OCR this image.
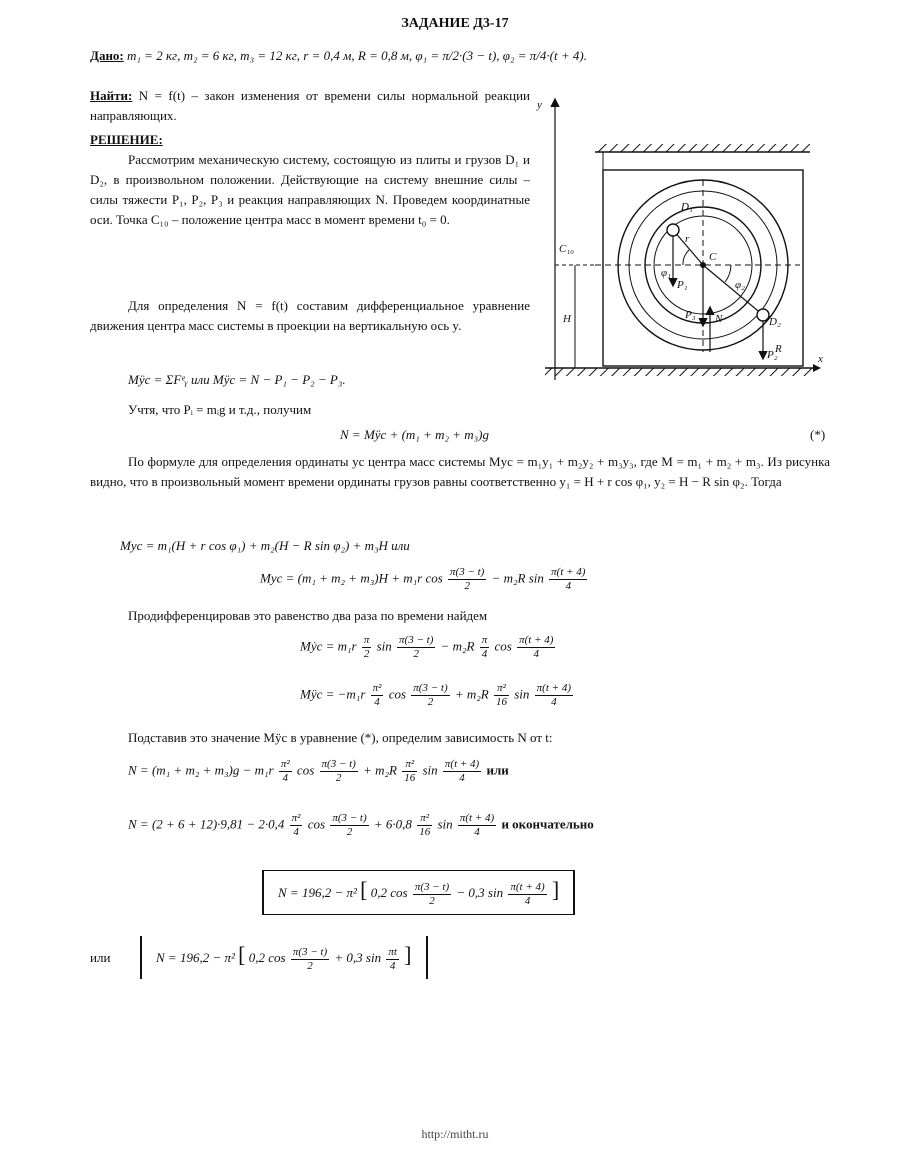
ЗАДАНИЕ Д3-17
Дано: m₁ = 2 кг, m₂ = 6 кг, m₃ = 12 кг, r = 0,4 м, R = 0,8 м, φ₁ = π/2·(3 − t), φ₂ = π/4·(t + 4).
Найти: N = f(t) – закон изменения от времени силы нормальной реакции направляющих.
РЕШЕНИЕ:
Рассмотрим механическую систему, состоящую из плиты и грузов D₁ и D₂, в произвольном положении. Действующие на систему внешние силы – силы тяжести P₁, P₂, P₃ и реакция направляющих N. Проведем координатные оси. Точка C₁₀ – положение центра масс в момент времени t₀ = 0.
Для определения N = f(t) составим дифференциальное уравнение движения центра масс системы в проекции на вертикальную ось y.
Mÿc = ΣFᵉᵧ или Mÿc = N − P₁ − P₂ − P₃.
Учтя, что Pᵢ = mᵢg и т.д., получим
N = Mÿc + (m₁ + m₂ + m₃)g	(*)
По формуле для определения ординаты yc центра масс системы Myc = m₁y₁ + m₂y₂ + m₃y₃, где M = m₁ + m₂ + m₃. Из рисунка видно, что в произвольный момент времени ординаты грузов равны соответственно y₁ = H + r cos φ₁, y₂ = H − R sin φ₂. Тогда
Myc = m₁(H + r cos φ₁) + m₂(H − R sin φ₂) + m₃H или
Myc = (m₁ + m₂ + m₃)H + m₁r $\cos \frac{\pi(3 - t)}{2} - m_2R$ $\sin \frac{\pi(t + 4)}{4}$
Продифференцировав это равенство два раза по времени найдем
Mẏc = $m_1r \frac{\pi}{2}$ $\sin \frac{\pi(3 - t)}{2} - m_2R \frac{\pi}{4}$ $\cos \frac{\pi(t + 4)}{4}$
Mÿc = $-m_1r \frac{\text{π²}}{4}$ $\cos \frac{\pi(3 - t)}{2} + m_2R \frac{\text{π²}}{16}$ $\sin \frac{\pi(t + 4)}{4}$
Подставив это значение Mÿc в уравнение (*), определим зависимость N от t:
$N = (m_1 + m_2 + m_3)g - m_1r \frac{\text{π²}}{4}$ $\cos \frac{\pi(3 - t)}{2} + m_2R \frac{\text{π²}}{16}$ $\sin \frac{\pi(t + 4)}{4}$ или
$N = (2 + 6 + 12)\cdot 9,81 - 2\cdot 0,4 \frac{\text{π²}}{4}$ $\cos \frac{\pi(3 - t)}{2} + 6\cdot 0,8 \frac{\text{π²}}{16}$ $\sin \frac{\pi(t + 4)}{4}$ и окончательно
N = 196,2 − π² [ 0,2 $\cos \frac{\pi(3 - t)}{2} - 0,3$ $\sin \frac{\pi(t + 4)}{4}$ ]
или	N = 196,2 − π² [ 0,2 $\cos \frac{\pi(3 - t)}{2} + 0,3$ $\sin \frac{\pi t}{4}$ ]
y
x
C₁₀
H
C
r
R
D₁
P₁
D₂
P₂
P₃ N
φ₁
φ₂
http://mitht.ru
